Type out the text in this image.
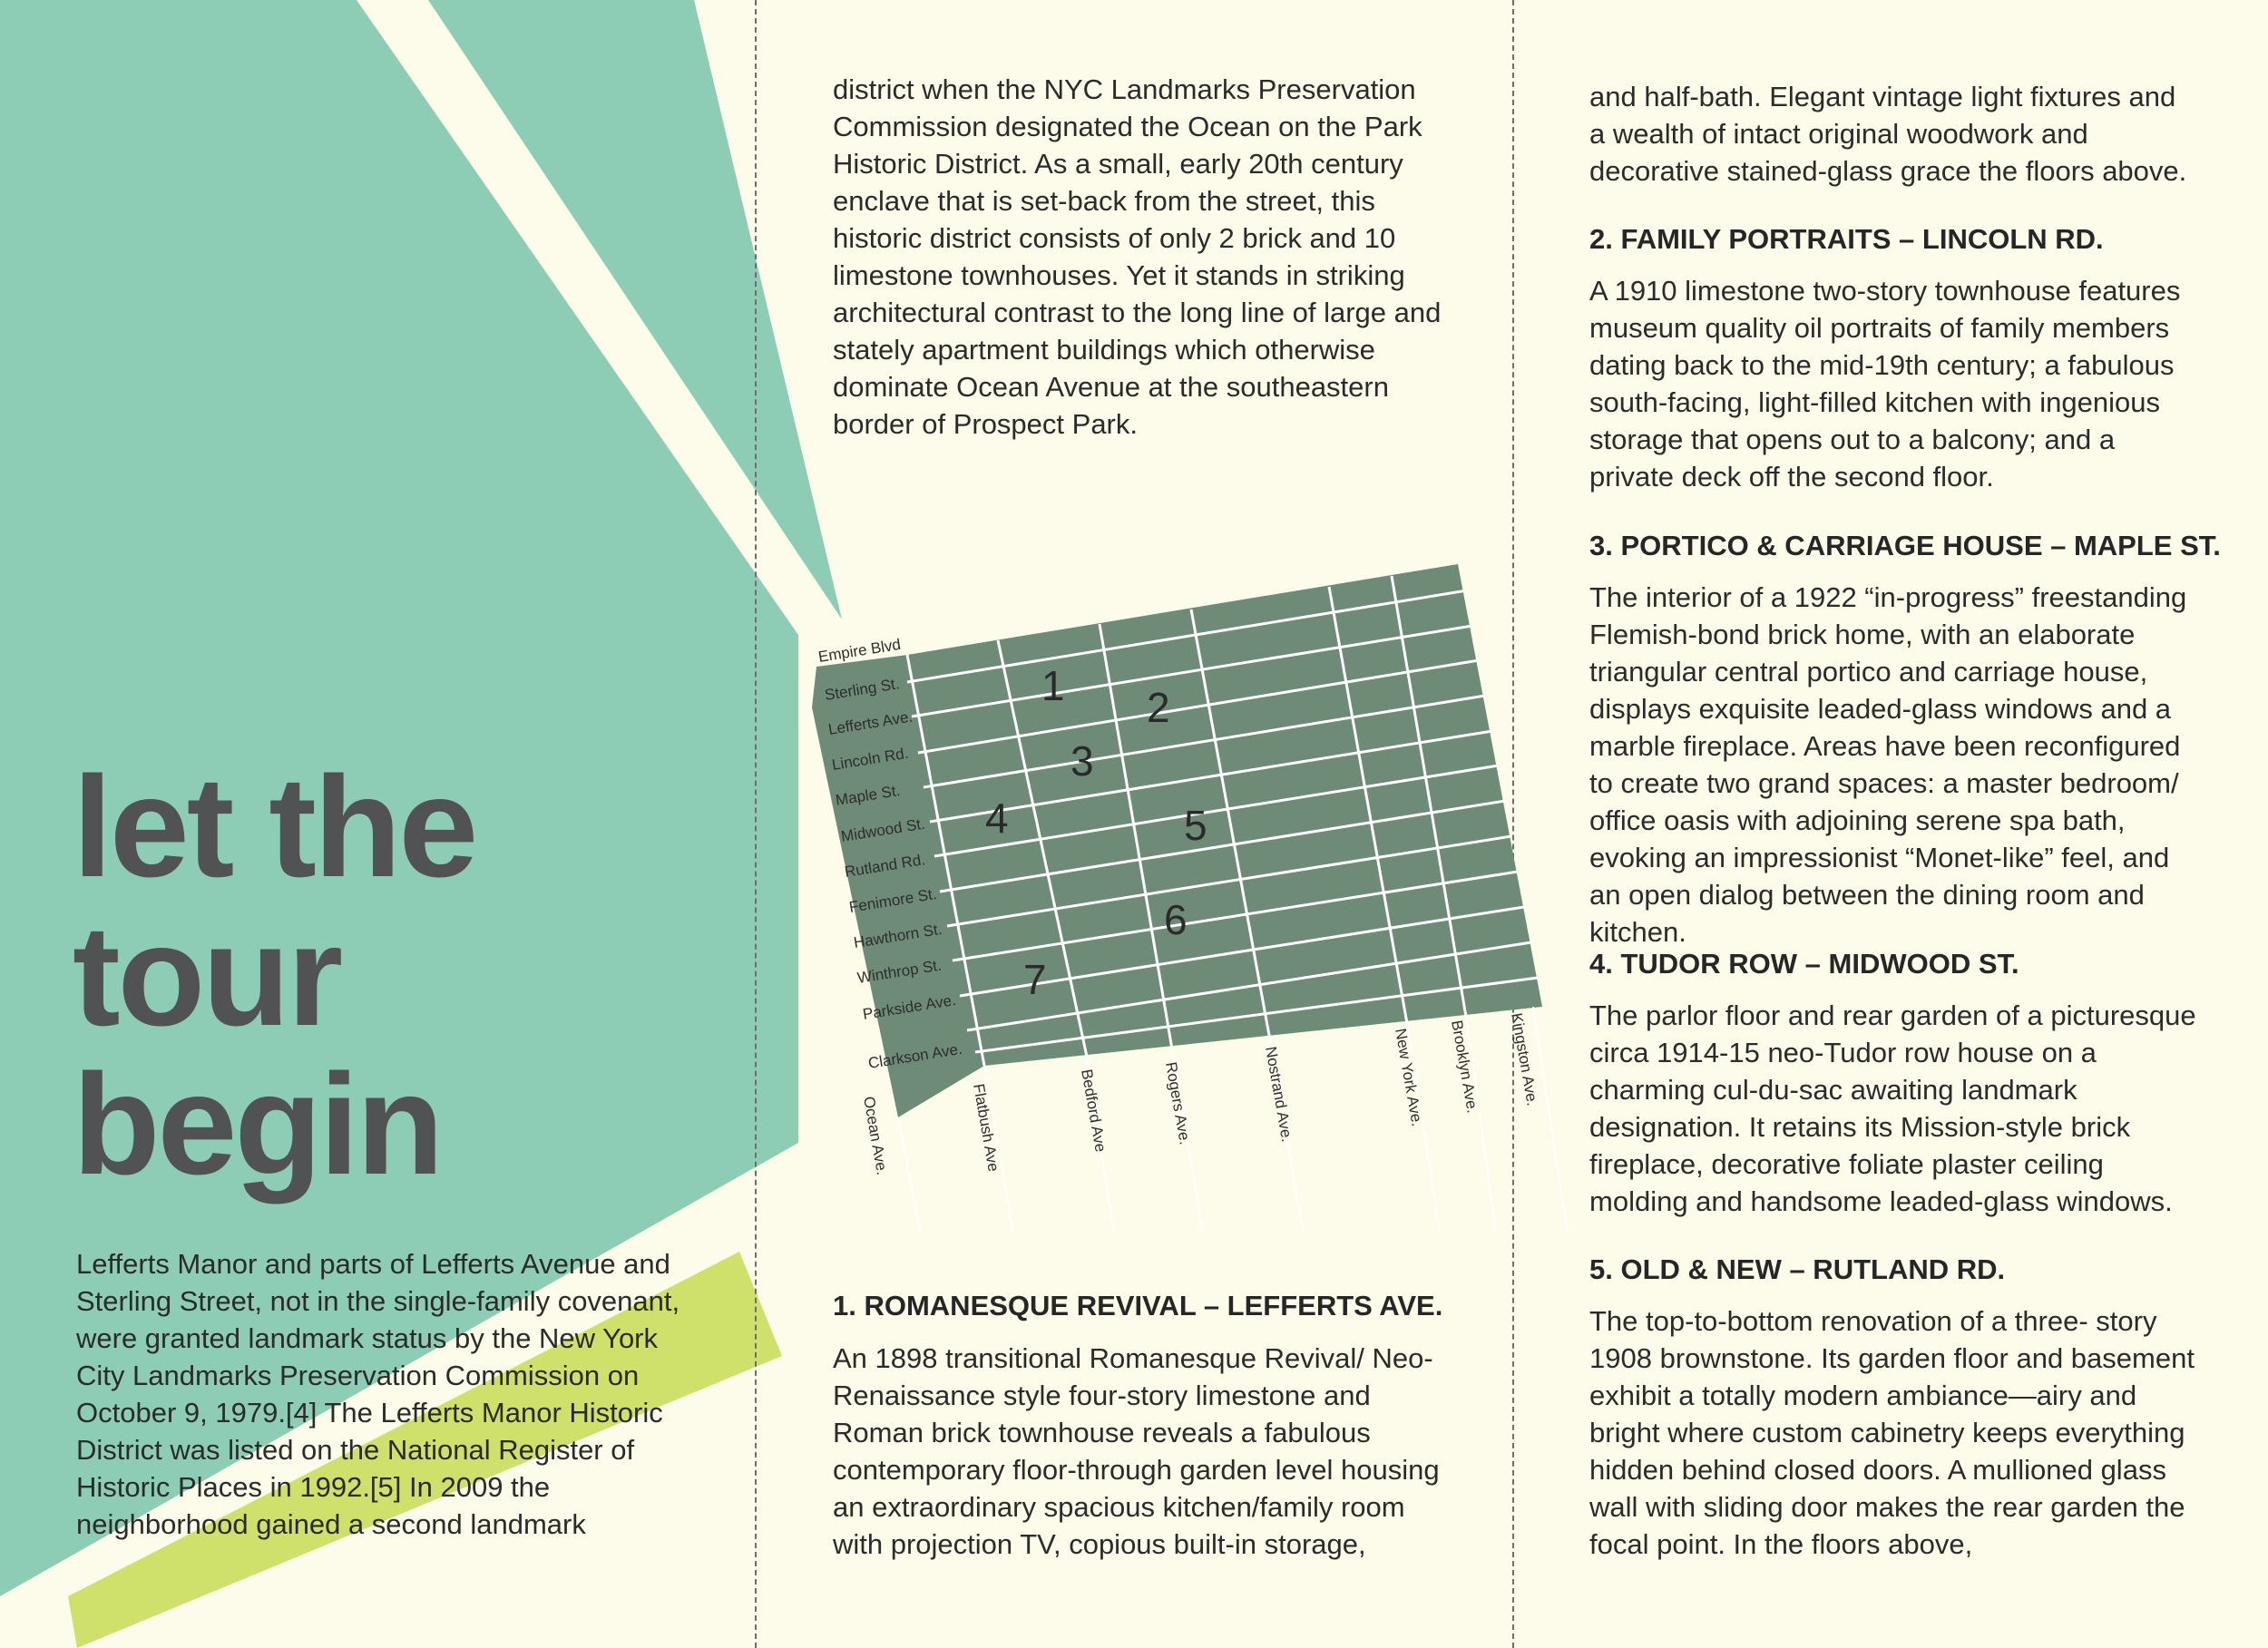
let the
tour
begin

Lefferts Manor and parts of Lefferts Avenue and Sterling Street, not in the single-family covenant, were granted landmark status by the New York City Landmarks Preservation Commission on October 9, 1979.[4] The Lefferts Manor Historic District was listed on the National Register of Historic Places in 1992.[5] In 2009 the neighborhood gained a second landmark

district when the NYC Landmarks Preservation Commission designated the Ocean on the Park Historic District. As a small, early 20th century enclave that is set-back from the street, this historic district consists of only 2 brick and 10 limestone townhouses. Yet it stands in striking architectural contrast to the long line of large and stately apartment buildings which otherwise dominate Ocean Avenue at the southeastern border of Prospect Park.

Empire Blvd
Sterling St.
Lefferts Ave.
Lincoln Rd.
Maple St.
Midwood St.
Rutland Rd.
Fenimore St.
Hawthorn St.
Winthrop St.
Parkside Ave.
Clarkson Ave.
Ocean Ave.	Flatbush Ave	Bedford Ave	Rogers Ave.	Nostrand Ave.	New York Ave. Brooklyn Ave. Kingston Ave.
1 2
3
4	5
6
7
1. ROMANESQUE REVIVAL – LEFFERTS AVE.

An 1898 transitional Romanesque Revival/ Neo-Renaissance style four-story limestone and Roman brick townhouse reveals a fabulous contemporary floor-through garden level housing an extraordinary spacious kitchen/family room with projection TV, copious built-in storage,

and half-bath. Elegant vintage light fixtures and a wealth of intact original woodwork and decorative stained-glass grace the floors above.

2. FAMILY PORTRAITS – LINCOLN RD.

A 1910 limestone two-story townhouse features museum quality oil portraits of family members dating back to the mid-19th century; a fabulous south-facing, light-filled kitchen with ingenious storage that opens out to a balcony; and a private deck off the second floor.

3. PORTICO & CARRIAGE HOUSE – MAPLE ST.

The interior of a 1922 “in-progress” freestanding Flemish-bond brick home, with an elaborate triangular central portico and carriage house, displays exquisite leaded-glass windows and a marble fireplace. Areas have been reconfigured to create two grand spaces: a master bedroom/ office oasis with adjoining serene spa bath, evoking an impressionist “Monet-like” feel, and an open dialog between the dining room and kitchen.

4. TUDOR ROW – MIDWOOD ST.

The parlor floor and rear garden of a picturesque circa 1914-15 neo-Tudor row house on a charming cul-du-sac awaiting landmark designation. It retains its Mission-style brick fireplace, decorative foliate plaster ceiling molding and handsome leaded-glass windows.

5. OLD & NEW – RUTLAND RD.

The top-to-bottom renovation of a three- story 1908 brownstone. Its garden floor and basement exhibit a totally modern ambiance—airy and bright where custom cabinetry keeps everything hidden behind closed doors. A mullioned glass wall with sliding door makes the rear garden the focal point. In the floors above,
